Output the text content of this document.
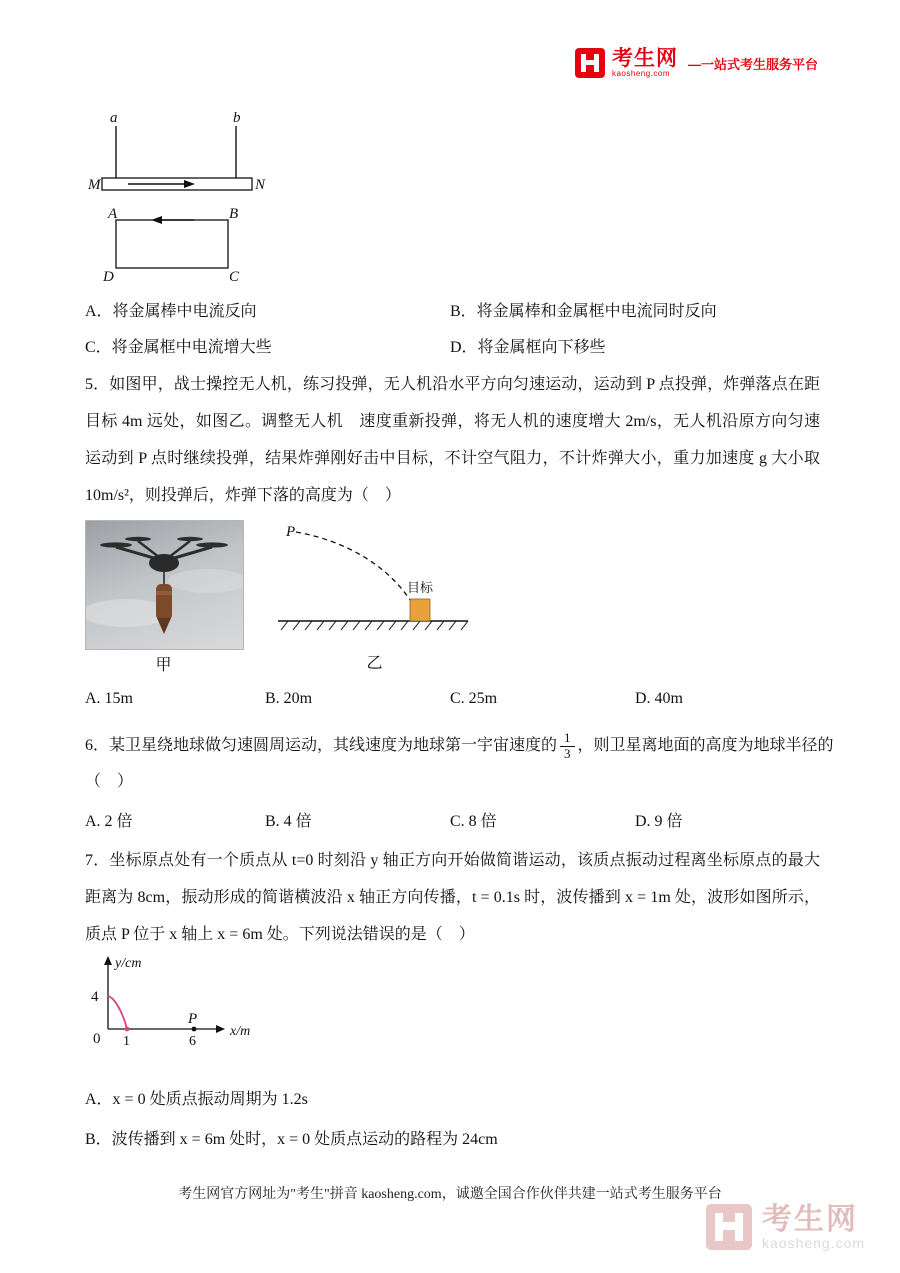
考生网
kaosheng.com
—一站式考生服务平台
a	b
M	N
A	B
D	C
A．将金属棒中电流反向	B．将金属棒和金属框中电流同时反向
C．将金属框中电流增大些	D．将金属框向下移些
5．如图甲，战士操控无人机，练习投弹，无人机沿水平方向匀速运动，运动到 P 点投弹，炸弹落点在距目标 4m 远处，如图乙。调整无人机　速度重新投弹，将无人机的速度增大 2m/s，无人机沿原方向匀速运动到 P 点时继续投弹，结果炸弹刚好击中目标，不计空气阻力，不计炸弹大小，重力加速度 g 大小取 10m/s²，则投弹后，炸弹下落的高度为（　）
甲
P
目标
乙
A. 15m	B. 20m	C. 25m	D. 40m
6．某卫星绕地球做匀速圆周运动，其线速度为地球第一宇宙速度的 $\frac{1}{3}$ ，则卫星离地面的高度为地球半径的
（　）
A. 2 倍	B. 4 倍	C. 8 倍	D. 9 倍
7．坐标原点处有一个质点从 t=0 时刻沿 y 轴正方向开始做简谐运动，该质点振动过程离坐标原点的最大距离为 8cm，振动形成的简谐横波沿 x 轴正方向传播，t = 0.1s 时，波传播到 x = 1m 处，波形如图所示，质点 P 位于 x 轴上 x = 6m 处。下列说法错误的是（　）
y/cm
x/m
4
0 1
P
6
A．x = 0 处质点振动周期为 1.2s
B．波传播到 x = 6m 处时，x = 0 处质点运动的路程为 24cm
考生网官方网址为"考生"拼音 kaosheng.com，诚邀全国合作伙伴共建一站式考生服务平台
考生网
kaosheng.com
